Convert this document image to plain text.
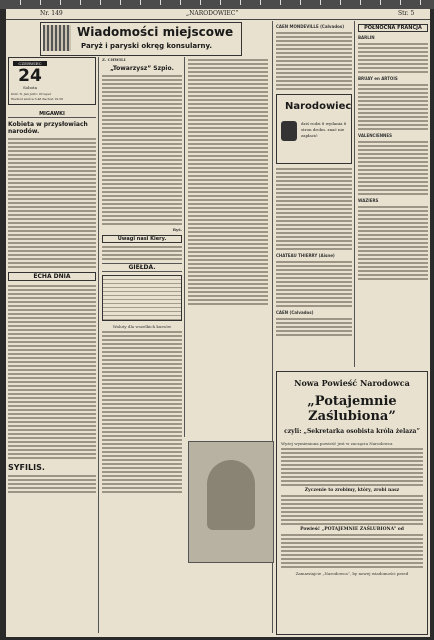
Nr. 149	„NARODOWIEC”	Str. 5
Wiadomości miejscowe
Paryż i paryski okręg konsularny.
CZERWIEC
24
Sobota
Dziś: N. Jan Jutro: Prosper
Wschód słońca 3.48 Zachód 19.58
MIGAWKI
Kobieta w przysłowiach narodów.
ECHA DNIA
SYFILIS.
Z. CHWILI
„Towarzysz” Szpio.
Ryś.
Uwagi nasi Kiery.
GIEŁDA.
Waluty dla wszelkich kursów
CAEN MONDEVILLE (Calvados)
Narodowiec
dziś rodzi 8 wydania 8 stron drobn. znać nie zapłacić
CHATEAU THIERRY (Aisne)
CAEN (Calvados)
PÓŁNOCNA FRANCJA
BARLIN
BRUAY en ARTOIS
VALENCIENNES
WAZIERS
Nowa Powieść Narodowca
„Potajemnie Zaślubiona”
czyli: „Sekretarka osobista króla żelaza”
Wyżej wymieniona powieść jest w zaczęciu Narodowca
Zyczenie to zrobimy, który, zrobi nasz
Powieść „POTAJEMNIE ZAŚLUBIONA” od
Zamawiajcie „Narodowca”, by nowej wiadomości przed
